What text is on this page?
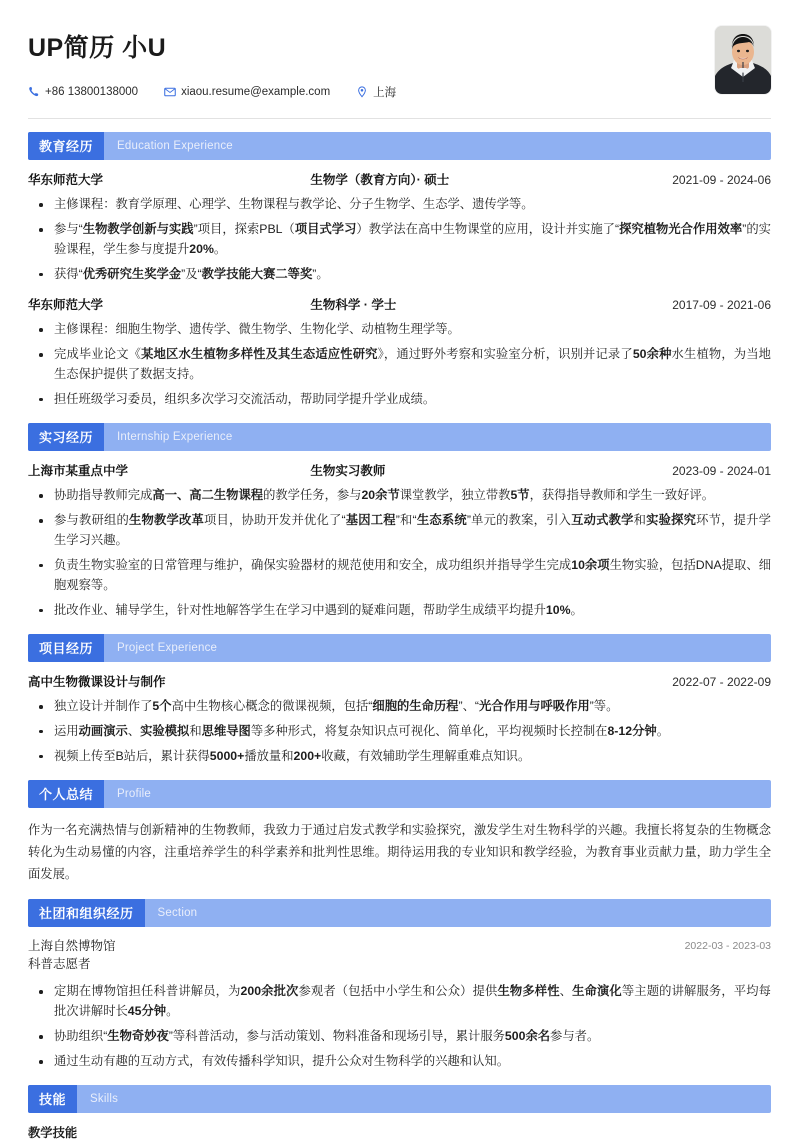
UP简历 小U
+86 13800138000	xiaou.resume@example.com	上海
教育经历	Education Experience
华东师范大学	生物学（教育方向）· 硕士	2021-09 - 2024-06
主修课程：教育学原理、心理学、生物课程与教学论、分子生物学、生态学、遗传学等。
参与“生物教学创新与实践”项目，探索PBL（项目式学习）教学法在高中生物课堂的应用，设计并实施了“探究植物光合作用效率”的实验课程，学生参与度提升20%。
获得“优秀研究生奖学金”及“教学技能大赛二等奖”。
华东师范大学	生物科学 · 学士	2017-09 - 2021-06
主修课程：细胞生物学、遗传学、微生物学、生物化学、动植物生理学等。
完成毕业论文《某地区水生植物多样性及其生态适应性研究》，通过野外考察和实验室分析，识别并记录了50余种水生植物，为当地生态保护提供了数据支持。
担任班级学习委员，组织多次学习交流活动，帮助同学提升学业成绩。
实习经历	Internship Experience
上海市某重点中学	生物实习教师	2023-09 - 2024-01
协助指导教师完成高一、高二生物课程的教学任务，参与20余节课堂教学，独立带教5节，获得指导教师和学生一致好评。
参与教研组的生物教学改革项目，协助开发并优化了“基因工程”和“生态系统”单元的教案，引入互动式教学和实验探究环节，提升学生学习兴趣。
负责生物实验室的日常管理与维护，确保实验器材的规范使用和安全，成功组织并指导学生完成10余项生物实验，包括DNA提取、细胞观察等。
批改作业、辅导学生，针对性地解答学生在学习中遇到的疑难问题，帮助学生成绩平均提升10%。
项目经历	Project Experience
高中生物微课设计与制作	2022-07 - 2022-09
独立设计并制作了5个高中生物核心概念的微课视频，包括“细胞的生命历程”、“光合作用与呼吸作用”等。
运用动画演示、实验模拟和思维导图等多种形式，将复杂知识点可视化、简单化，平均视频时长控制在8-12分钟。
视频上传至B站后，累计获得5000+播放量和200+收藏，有效辅助学生理解重难点知识。
个人总结	Profile
作为一名充满热情与创新精神的生物教师，我致力于通过启发式教学和实验探究，激发学生对生物科学的兴趣。我擅长将复杂的生物概念转化为生动易懂的内容，注重培养学生的科学素养和批判性思维。期待运用我的专业知识和教学经验，为教育事业贡献力量，助力学生全面发展。
社团和组织经历	Section
上海自然博物馆
科普志愿者
2022-03 - 2023-03
定期在博物馆担任科普讲解员，为200余批次参观者（包括中小学生和公众）提供生物多样性、生命演化等主题的讲解服务，平均每批次讲解时长45分钟。
协助组织“生物奇妙夜”等科普活动，参与活动策划、物料准备和现场引导，累计服务500余名参与者。
通过生动有趣的互动方式，有效传播科学知识，提升公众对生物科学的兴趣和认知。
技能	Skills
教学技能
